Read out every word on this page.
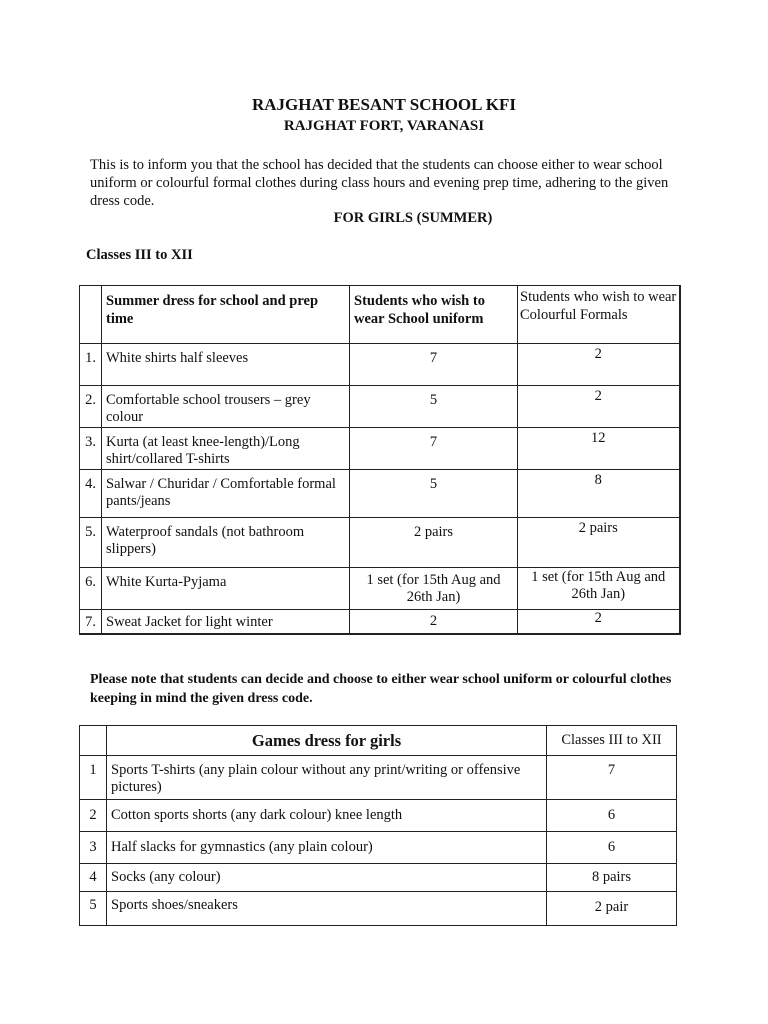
RAJGHAT BESANT SCHOOL KFI
RAJGHAT FORT, VARANASI
This is to inform you that the school has decided that the students can choose either to wear school uniform or colourful formal clothes during class hours and evening prep time, adhering to the given dress code.
FOR GIRLS (SUMMER)
Classes III to XII
	Summer dress for school and prep time	Students who wish to wear School uniform	Students who wish to wear Colourful Formals
1.	White shirts half sleeves	7	2
2.	Comfortable school trousers – grey colour	5	2
3.	Kurta (at least knee-length)/Long shirt/collared T-shirts	7	12
4.	Salwar / Churidar / Comfortable formal pants/jeans	5	8
5.	Waterproof sandals (not bathroom slippers)	2 pairs	2 pairs
6.	White Kurta-Pyjama	1 set (for 15th Aug and 26th Jan)	1 set (for 15th Aug and 26th Jan)
7.	Sweat Jacket for light winter	2	2
Please note that students can decide and choose to either wear school uniform or colourful clothes keeping in mind the given dress code.
	Games dress for girls	Classes III to XII
1	Sports T-shirts (any plain colour without any print/writing or offensive pictures)	7
2	Cotton sports shorts (any dark colour) knee length	6
3	Half slacks for gymnastics (any plain colour)	6
4	Socks (any colour)	8 pairs
5	Sports shoes/sneakers	2 pair
